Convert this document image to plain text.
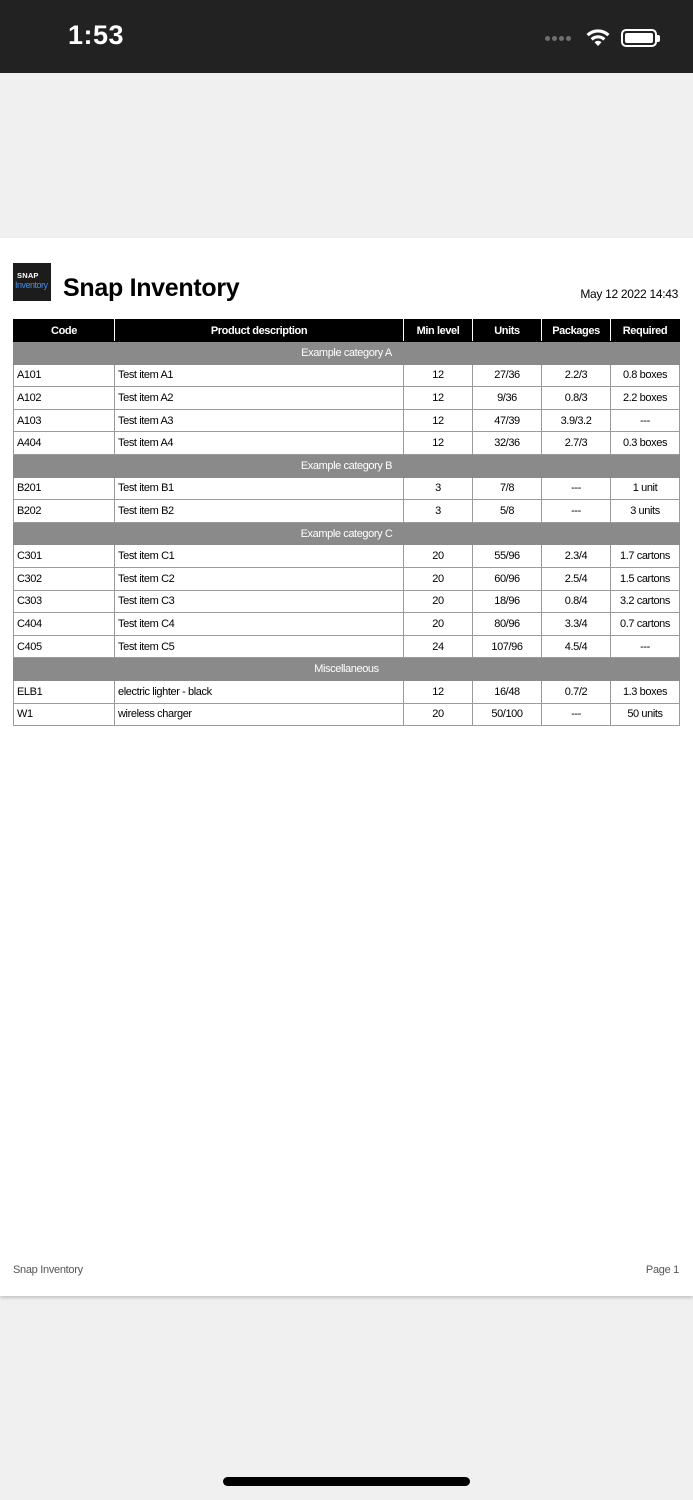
1:53
SNAP
Inventory Snap Inventory	May 12 2022 14:43
Code	Product description	Min level	Units	Packages	Required
Example category A					
A101	Test item A1	12	27/36	2.2/3	0.8 boxes
A102	Test item A2	12	9/36	0.8/3	2.2 boxes
A103	Test item A3	12	47/39	3.9/3.2	---
A404	Test item A4	12	32/36	2.7/3	0.3 boxes
Example category B					
B201	Test item B1	3	7/8	---	1 unit
B202	Test item B2	3	5/8	---	3 units
Example category C					
C301	Test item C1	20	55/96	2.3/4	1.7 cartons
C302	Test item C2	20	60/96	2.5/4	1.5 cartons
C303	Test item C3	20	18/96	0.8/4	3.2 cartons
C404	Test item C4	20	80/96	3.3/4	0.7 cartons
C405	Test item C5	24	107/96	4.5/4	---
Miscellaneous					
ELB1	electric lighter - black	12	16/48	0.7/2	1.3 boxes
W1	wireless charger	20	50/100	---	50 units
Snap Inventory	Page 1
